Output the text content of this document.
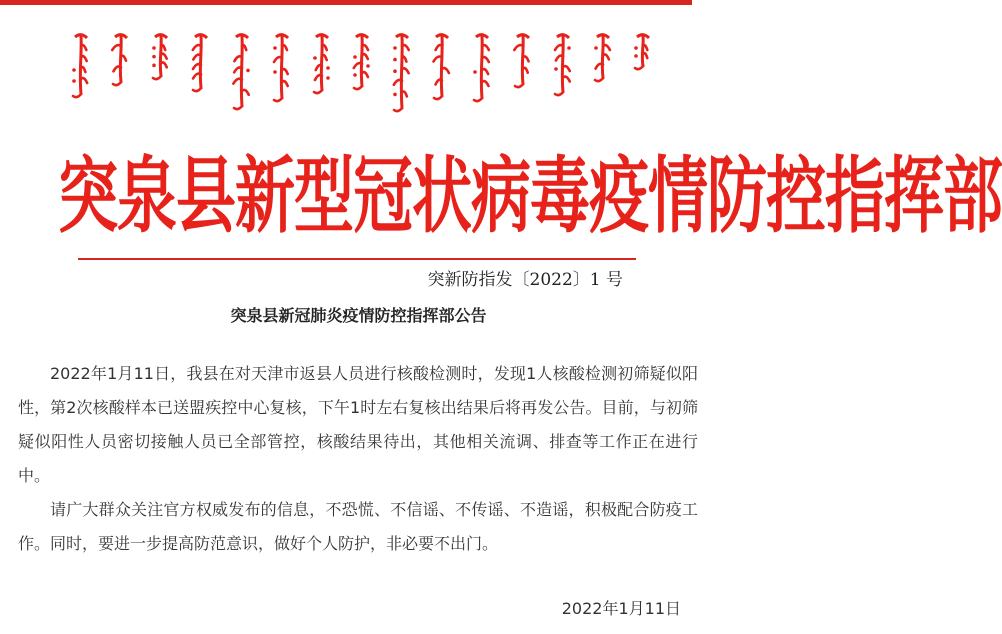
突泉县新型冠状病毒疫情防控指挥部
突新防指发〔2022〕1 号
突泉县新冠肺炎疫情防控指挥部公告

2022年1月11日，我县在对天津市返县人员进行核酸检测时，发现1人核酸检测初筛疑似阳性，第2次核酸样本已送盟疾控中心复核，下午1时左右复核出结果后将再发公告。目前，与初筛疑似阳性人员密切接触人员已全部管控，核酸结果待出，其他相关流调、排查等工作正在进行中。

请广大群众关注官方权威发布的信息，不恐慌、不信谣、不传谣、不造谣，积极配合防疫工作。同时，要进一步提高防范意识，做好个人防护，非必要不出门。

2022年1月11日
